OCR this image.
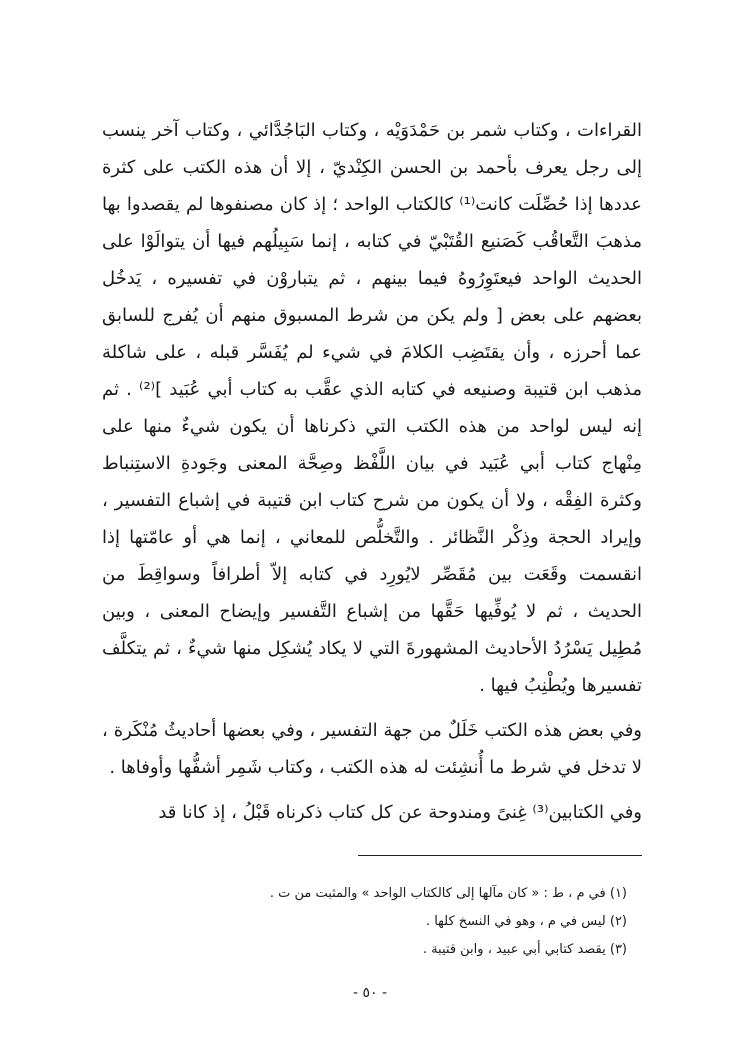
القراءات ، وكتاب شمر بن حَمْدَوَيْه ، وكتاب البَاجُدَّائي ، وكتاب آخر ينسب إلى رجل يعرف بأحمد بن الحسن الكِنْديّ ، إلا أن هذه الكتب على كثرة عددها إذا حُصِّلَت كانت⁽¹⁾ كالكتاب الواحد ؛ إذ كان مصنفوها لم يقصدوا بها مذهبَ التَّعاقُب كَصَنيع القُتَبْيّ في كتابه ، إنما سَبِيلُهم فيها أن يتوالَوْا على الحديث الواحد فيعتَوِرُوهُ فيما بينهم ، ثم يتباروْن في تفسيره ، يَدخُل بعضهم على بعض [ ولم يكن من شرط المسبوق منهم أن يُفرج للسابق عما أحرزه ، وأن يقتَضِب الكلامَ في شيء لم يُفَسَّر قبله ، على شاكلة مذهب ابن قتيبة وصنيعه في كتابه الذي عقَّب به كتاب أبي عُبَيد ]⁽²⁾ . ثم إنه ليس لواحد من هذه الكتب التي ذكرناها أن يكون شيءٌ منها على مِنْهاج كتاب أبي عُبَيد في بيان اللَّفْظ وصِحَّة المعنى وجَودةِ الاستِنباط وكثرة الفِقْه ، ولا أن يكون من شرح كتاب ابن قتيبة في إشباع التفسير ، وإيراد الحجة وذِكْر النَّظائر . والتَّخلُّص للمعاني ، إنما هي أو عامّتها إذا انقسمت وقَعَت بين مُقَصِّر لايُورِد في كتابه إلاّ أطرافاً وسواقِطَ من الحديث ، ثم لا يُوفِّيها حَقَّها من إشباع التَّفسير وإيضاح المعنى ، وبين مُطِيل يَسْرُدُ الأحاديث المشهورةَ التي لا يكاد يُشكِل منها شيءٌ ، ثم يتكلَّف تفسيرها ويُطْنِبُ فيها .

وفي بعض هذه الكتب خَلَلٌ من جهة التفسير ، وفي بعضها أحاديثُ مُنْكَرة ، لا تدخل في شرط ما أُنشِئت له هذه الكتب ، وكتاب شَمِر أشفُّها وأوفاها .

وفي الكتابين⁽³⁾ غِنىً ومندوحة عن كل كتاب ذكرناه قَبْلُ ، إذ كانا قد

(١) في م ، ط : « كان مآلها إلى كالكتاب الواحد » والمثبت من ت .
(٢) ليس في م ، وهو في النسخ كلها .
(٣) يقصد كتابي أبي عبيد ، وابن قتيبة .
- ٥٠ -
